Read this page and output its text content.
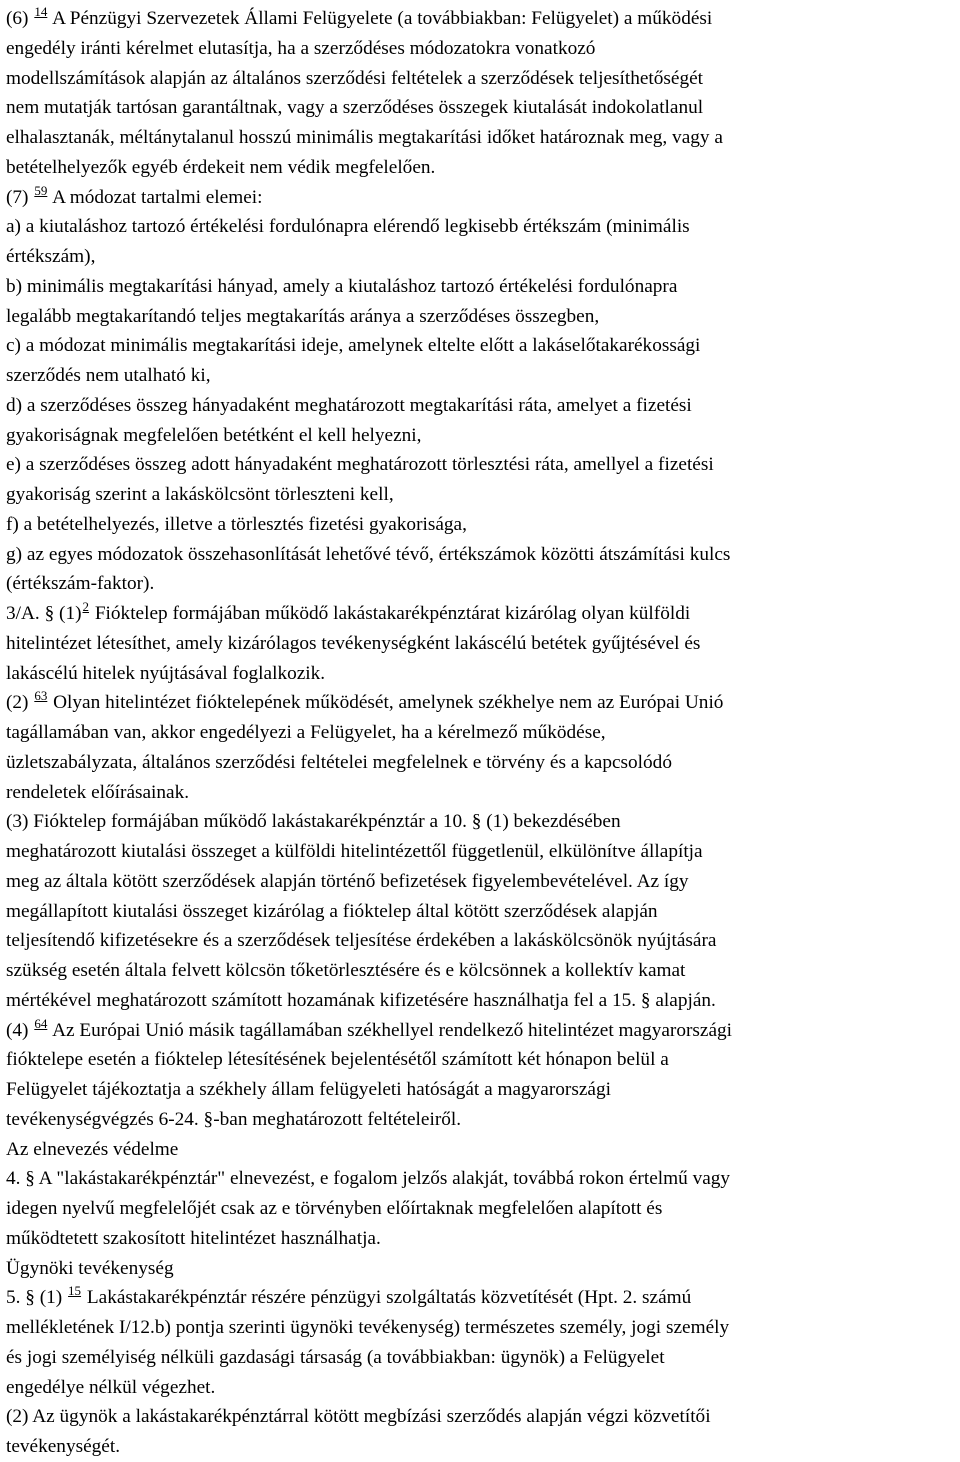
(6) $^{14}$ A Pénzügyi Szervezetek Állami Felügyelete (a továbbiakban: Felügyelet) a működési
engedély iránti kérelmet elutasítja, ha a szerződéses módozatokra vonatkozó
modellszámítások alapján az általános szerződési feltételek a szerződések teljesíthetőségét
nem mutatják tartósan garantáltnak, vagy a szerződéses összegek kiutalását indokolatlanul
elhalasztanák, méltánytalanul hosszú minimális megtakarítási időket határoznak meg, vagy a
betételhelyezők egyéb érdekeit nem védik megfelelően.
(7) $^{59}$ A módozat tartalmi elemei:
a) a kiutaláshoz tartozó értékelési fordulónapra elérendő legkisebb értékszám (minimális
értékszám),
b) minimális megtakarítási hányad, amely a kiutaláshoz tartozó értékelési fordulónapra
legalább megtakarítandó teljes megtakarítás aránya a szerződéses összegben,
c) a módozat minimális megtakarítási ideje, amelynek eltelte előtt a lakáselőtakarékossági
szerződés nem utalható ki,
d) a szerződéses összeg hányadaként meghatározott megtakarítási ráta, amelyet a fizetési
gyakoriságnak megfelelően betétként el kell helyezni,
e) a szerződéses összeg adott hányadaként meghatározott törlesztési ráta, amellyel a fizetési
gyakoriság szerint a lakáskölcsönt törleszteni kell,
f) a betételhelyezés, illetve a törlesztés fizetési gyakorisága,
g) az egyes módozatok összehasonlítását lehetővé tévő, értékszámok közötti átszámítási kulcs
(értékszám-faktor).
3/A. § (1)$^2$ Fióktelep formájában működő lakástakarékpénztárat kizárólag olyan külföldi
hitelintézet létesíthet, amely kizárólagos tevékenységként lakáscélú betétek gyűjtésével és
lakáscélú hitelek nyújtásával foglalkozik.
(2) $^{63}$ Olyan hitelintézet fióktelepének működését, amelynek székhelye nem az Európai Unió
tagállamában van, akkor engedélyezi a Felügyelet, ha a kérelmező működése,
üzletszabályzata, általános szerződési feltételei megfelelnek e törvény és a kapcsolódó
rendeletek előírásainak.
(3) Fióktelep formájában működő lakástakarékpénztár a 10. § (1) bekezdésében
meghatározott kiutalási összeget a külföldi hitelintézettől függetlenül, elkülönítve állapítja
meg az általa kötött szerződések alapján történő befizetések figyelembevételével. Az így
megállapított kiutalási összeget kizárólag a fióktelep által kötött szerződések alapján
teljesítendő kifizetésekre és a szerződések teljesítése érdekében a lakáskölcsönök nyújtására
szükség esetén általa felvett kölcsön tőketörlesztésére és e kölcsönnek a kollektív kamat
mértékével meghatározott számított hozamának kifizetésére használhatja fel a 15. § alapján.
(4) $^{64}$ Az Európai Unió másik tagállamában székhellyel rendelkező hitelintézet magyarországi
fióktelepe esetén a fióktelep létesítésének bejelentésétől számított két hónapon belül a
Felügyelet tájékoztatja a székhely állam felügyeleti hatóságát a magyarországi
tevékenységvégzés 6-24. §-ban meghatározott feltételeiről.
Az elnevezés védelme
4. § A "lakástakarékpénztár" elnevezést, e fogalom jelzős alakját, továbbá rokon értelmű vagy
idegen nyelvű megfelelőjét csak az e törvényben előírtaknak megfelelően alapított és
működtetett szakosított hitelintézet használhatja.
Ügynöki tevékenység
5. § (1) $^{15}$ Lakástakarékpénztár részére pénzügyi szolgáltatás közvetítését (Hpt. 2. számú
mellékletének I/12.b) pontja szerinti ügynöki tevékenység) természetes személy, jogi személy
és jogi személyiség nélküli gazdasági társaság (a továbbiakban: ügynök) a Felügyelet
engedélye nélkül végezhet.
(2) Az ügynök a lakástakarékpénztárral kötött megbízási szerződés alapján végzi közvetítői
tevékenységét.
